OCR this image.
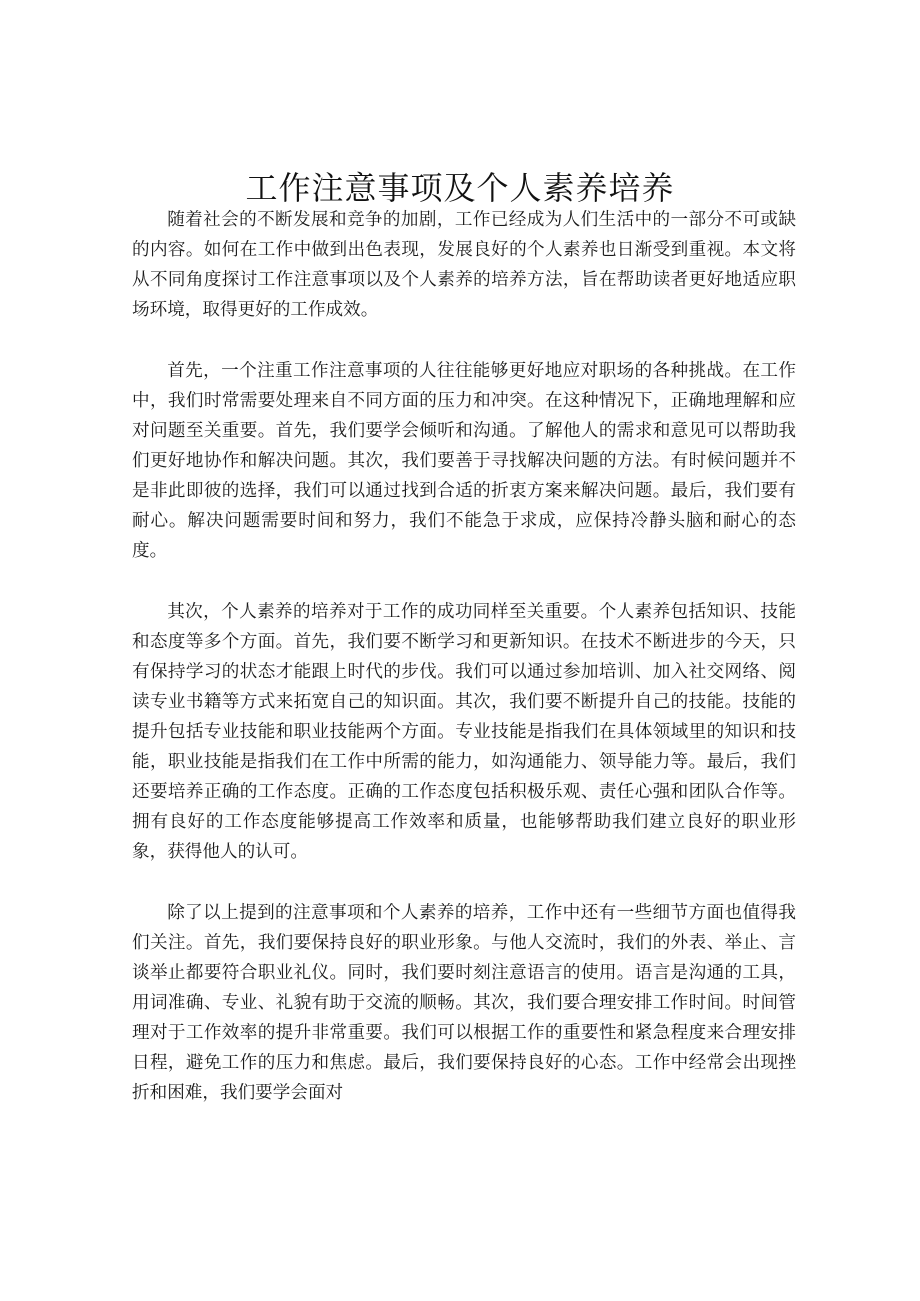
工作注意事项及个人素养培养

随着社会的不断发展和竞争的加剧，工作已经成为人们生活中的一部分不可或缺的内容。如何在工作中做到出色表现，发展良好的个人素养也日渐受到重视。本文将从不同角度探讨工作注意事项以及个人素养的培养方法，旨在帮助读者更好地适应职场环境，取得更好的工作成效。

首先，一个注重工作注意事项的人往往能够更好地应对职场的各种挑战。在工作中，我们时常需要处理来自不同方面的压力和冲突。在这种情况下，正确地理解和应对问题至关重要。首先，我们要学会倾听和沟通。了解他人的需求和意见可以帮助我们更好地协作和解决问题。其次，我们要善于寻找解决问题的方法。有时候问题并不是非此即彼的选择，我们可以通过找到合适的折衷方案来解决问题。最后，我们要有耐心。解决问题需要时间和努力，我们不能急于求成，应保持冷静头脑和耐心的态度。

其次，个人素养的培养对于工作的成功同样至关重要。个人素养包括知识、技能和态度等多个方面。首先，我们要不断学习和更新知识。在技术不断进步的今天，只有保持学习的状态才能跟上时代的步伐。我们可以通过参加培训、加入社交网络、阅读专业书籍等方式来拓宽自己的知识面。其次，我们要不断提升自己的技能。技能的提升包括专业技能和职业技能两个方面。专业技能是指我们在具体领域里的知识和技能，职业技能是指我们在工作中所需的能力，如沟通能力、领导能力等。最后，我们还要培养正确的工作态度。正确的工作态度包括积极乐观、责任心强和团队合作等。拥有良好的工作态度能够提高工作效率和质量，也能够帮助我们建立良好的职业形象，获得他人的认可。

除了以上提到的注意事项和个人素养的培养，工作中还有一些细节方面也值得我们关注。首先，我们要保持良好的职业形象。与他人交流时，我们的外表、举止、言谈举止都要符合职业礼仪。同时，我们要时刻注意语言的使用。语言是沟通的工具，用词准确、专业、礼貌有助于交流的顺畅。其次，我们要合理安排工作时间。时间管理对于工作效率的提升非常重要。我们可以根据工作的重要性和紧急程度来合理安排日程，避免工作的压力和焦虑。最后，我们要保持良好的心态。工作中经常会出现挫折和困难，我们要学会面对
